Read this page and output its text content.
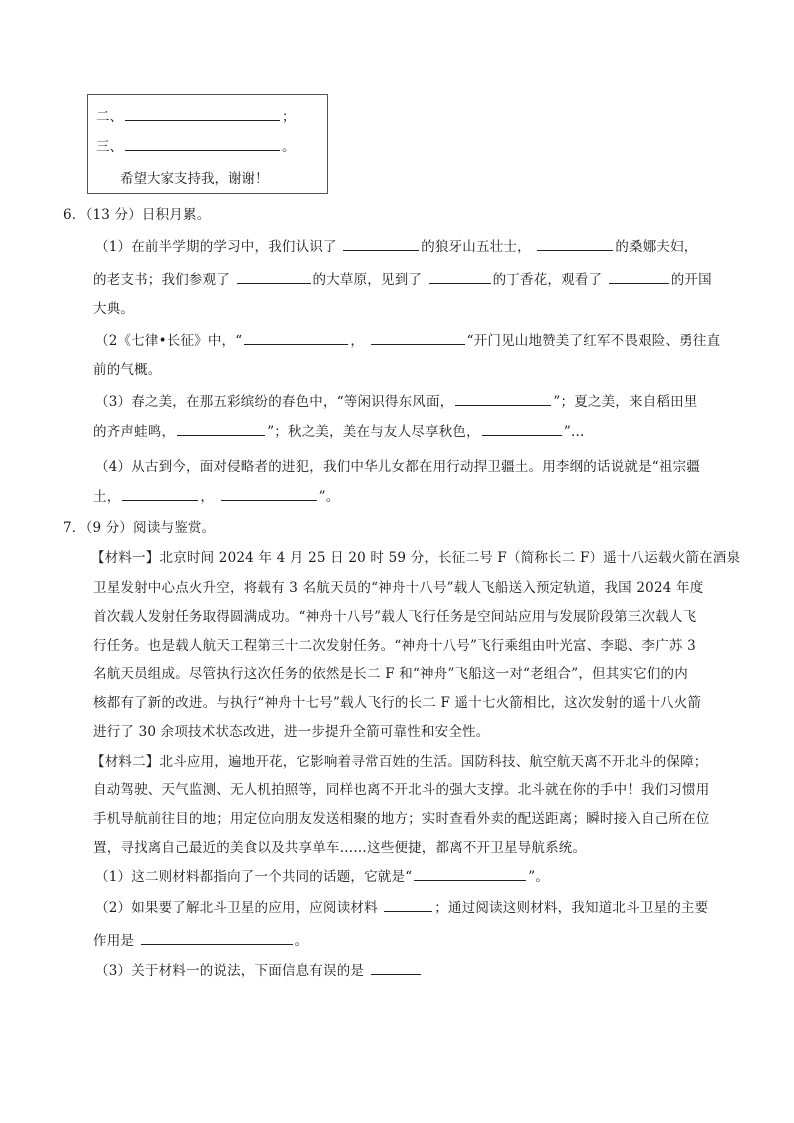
二、	；
三、	。
希望大家支持我，谢谢！
6．（13 分）日积月累。
（1）在前半学期的学习中，我们认识了	的狼牙山五壮士，	的桑娜夫妇，
的老支书；我们参观了	的大草原，见到了	的丁香花，观看了	的开国
大典。
（2《七律•长征》中，“	，	“开门见山地赞美了红军不畏艰险、勇往直
前的气概。
（3）春之美，在那五彩缤纷的春色中，“等闲识得东风面，	”；夏之美，来自稻田里
的齐声蛙鸣，	”；秋之美，美在与友人尽享秋色，	”…
（4）从古到今，面对侵略者的进犯，我们中华儿女都在用行动捍卫疆土。用李纲的话说就是“祖宗疆
土，	，	”。
7．（9 分）阅读与鉴赏。
【材料一】北京时间 2024 年 4 月 25 日 20 时 59 分，长征二号 F（简称长二 F）遥十八运载火箭在酒泉
卫星发射中心点火升空，将载有 3 名航天员的“神舟十八号”载人飞船送入预定轨道，我国 2024 年度
首次载人发射任务取得圆满成功。“神舟十八号”载人飞行任务是空间站应用与发展阶段第三次载人飞
行任务。也是载人航天工程第三十二次发射任务。“神舟十八号”飞行乘组由叶光富、李聪、李广苏 3
名航天员组成。尽管执行这次任务的依然是长二 F 和“神舟”飞船这一对“老组合”，但其实它们的内
核都有了新的改进。与执行“神舟十七号”载人飞行的长二 F 遥十七火箭相比，这次发射的遥十八火箭
进行了 30 余项技术状态改进，进一步提升全箭可靠性和安全性。
【材料二】北斗应用，遍地开花，它影响着寻常百姓的生活。国防科技、航空航天离不开北斗的保障；
自动驾驶、天气监测、无人机拍照等，同样也离不开北斗的强大支撑。北斗就在你的手中！我们习惯用
手机导航前往目的地；用定位向朋友发送相聚的地方；实时查看外卖的配送距离；瞬时接入自己所在位
置，寻找离自己最近的美食以及共享单车……这些便捷，都离不开卫星导航系统。
（1）这二则材料都指向了一个共同的话题，它就是“	”。
（2）如果要了解北斗卫星的应用，应阅读材料	；通过阅读这则材料，我知道北斗卫星的主要
作用是	。
（3）关于材料一的说法，下面信息有误的是
